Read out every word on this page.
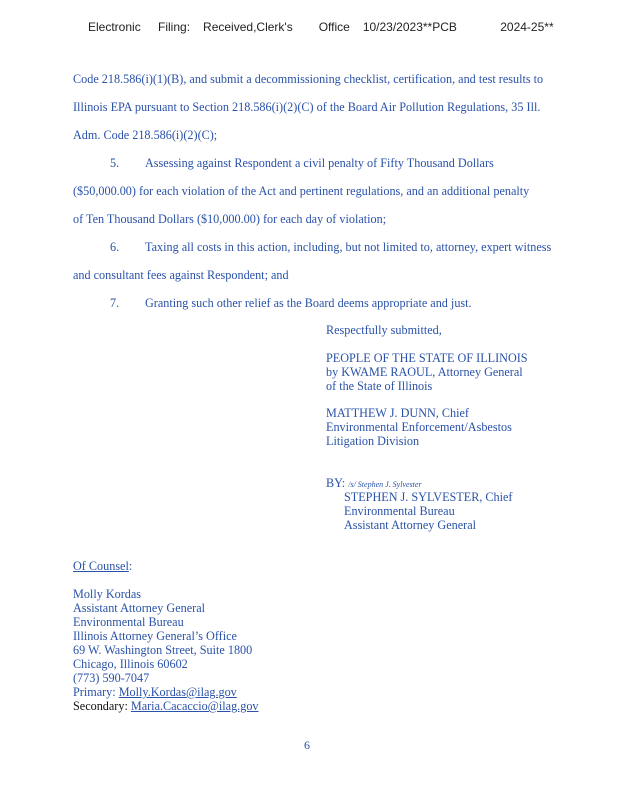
Electronic    Filing:   Received,Clerk's      Office   10/23/2023**PCB          2024-25**
Code 218.586(i)(1)(B), and submit a decommissioning checklist, certification, and test results to
Illinois EPA pursuant to Section 218.586(i)(2)(C) of the Board Air Pollution Regulations, 35 Ill.
Adm. Code 218.586(i)(2)(C);
5. Assessing against Respondent a civil penalty of Fifty Thousand Dollars
($50,000.00) for each violation of the Act and pertinent regulations, and an additional penalty
of Ten Thousand Dollars ($10,000.00) for each day of violation;
6. Taxing all costs in this action, including, but not limited to, attorney, expert witness
and consultant fees against Respondent; and
7. Granting such other relief as the Board deems appropriate and just.
Respectfully submitted,
PEOPLE OF THE STATE OF ILLINOIS
by KWAME RAOUL, Attorney General
of the State of Illinois
MATTHEW J. DUNN, Chief
Environmental Enforcement/Asbestos
Litigation Division
BY: /s/ Stephen J. Sylvester
STEPHEN J. SYLVESTER, Chief
Environmental Bureau
Assistant Attorney General
Of Counsel:
Molly Kordas
Assistant Attorney General
Environmental Bureau
Illinois Attorney General’s Office
69 W. Washington Street, Suite 1800
Chicago, Illinois 60602
(773) 590-7047
Primary: Molly.Kordas@ilag.gov
Secondary: Maria.Cacaccio@ilag.gov
6
